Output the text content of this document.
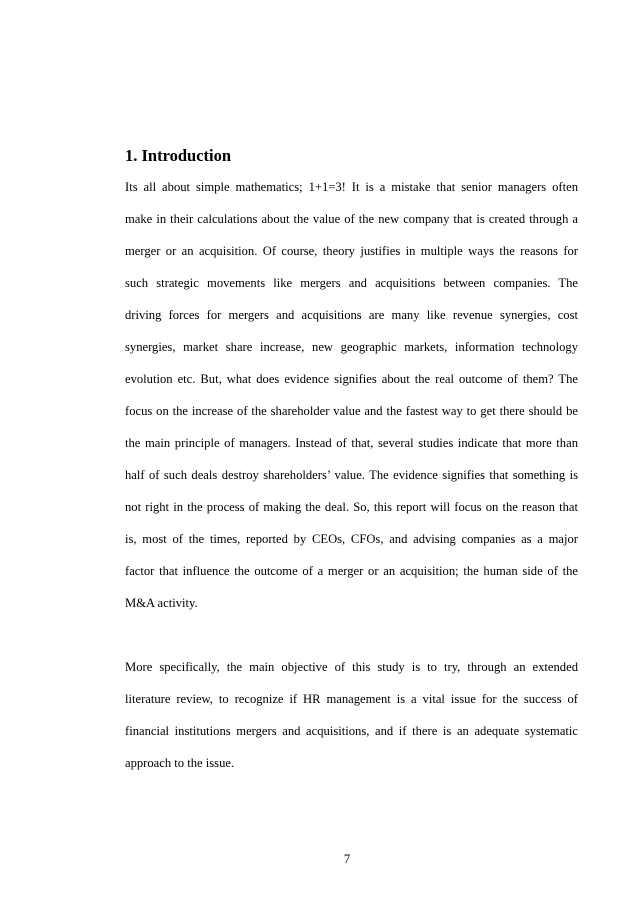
1. Introduction

Its all about simple mathematics; 1+1=3! It is a mistake that senior managers often

make in their calculations about the value of the new company that is created through a

merger or an acquisition. Of course, theory justifies in multiple ways the reasons for

such strategic movements like mergers and acquisitions between companies. The

driving forces for mergers and acquisitions are many like revenue synergies, cost

synergies, market share increase, new geographic markets, information technology

evolution etc. But, what does evidence signifies about the real outcome of them? The

focus on the increase of the shareholder value and the fastest way to get there should be

the main principle of managers. Instead of that, several studies indicate that more than

half of such deals destroy shareholders’ value. The evidence signifies that something is

not right in the process of making the deal. So, this report will focus on the reason that

is, most of the times, reported by CEOs, CFOs, and advising companies as a major

factor that influence the outcome of a merger or an acquisition; the human side of the

M&A activity.

More specifically, the main objective of this study is to try, through an extended

literature review, to recognize if HR management is a vital issue for the success of

financial institutions mergers and acquisitions, and if there is an adequate systematic

approach to the issue.

7
